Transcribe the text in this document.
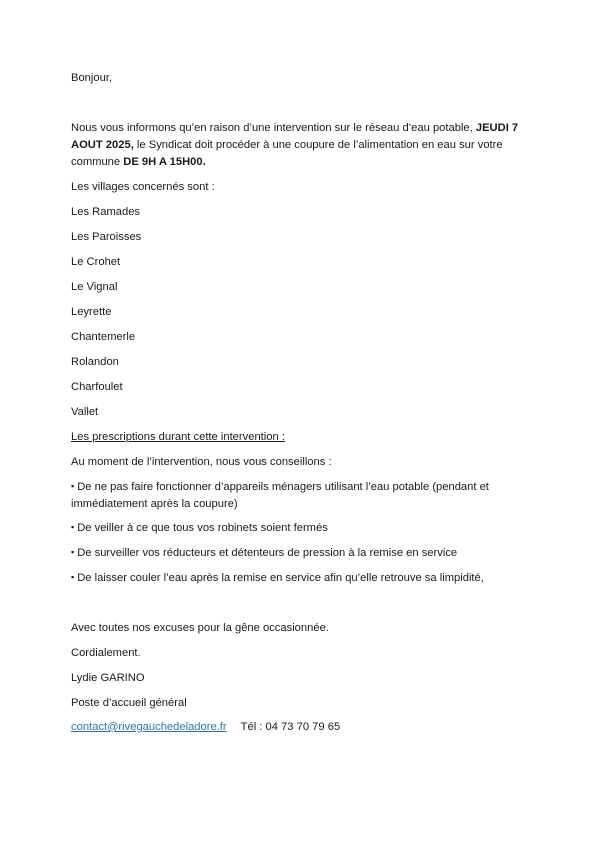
Bonjour,
Nous vous informons qu’en raison d’une intervention sur le réseau d’eau potable, JEUDI 7 AOUT 2025, le Syndicat doit procéder à une coupure de l’alimentation en eau sur votre commune DE 9H A 15H00.
Les villages concernés sont :
Les Ramades
Les Paroisses
Le Crohet
Le Vignal
Leyrette
Chantemerle
Rolandon
Charfoulet
Vallet
Les prescriptions durant cette intervention :
Au moment de l’intervention, nous vous conseillons :
▪ De ne pas faire fonctionner d’appareils ménagers utilisant l’eau potable (pendant et immédiatement après la coupure)
▪ De veiller à ce que tous vos robinets soient fermés
▪ De surveiller vos réducteurs et détenteurs de pression à la remise en service
▪ De laisser couler l’eau après la remise en service afin qu’elle retrouve sa limpidité,
Avec toutes nos excuses pour la gêne occasionnée.
Cordialement.
Lydie GARINO
Poste d’accueil général
contact@rivegauchedeladore.fr Tél : 04 73 70 79 65
